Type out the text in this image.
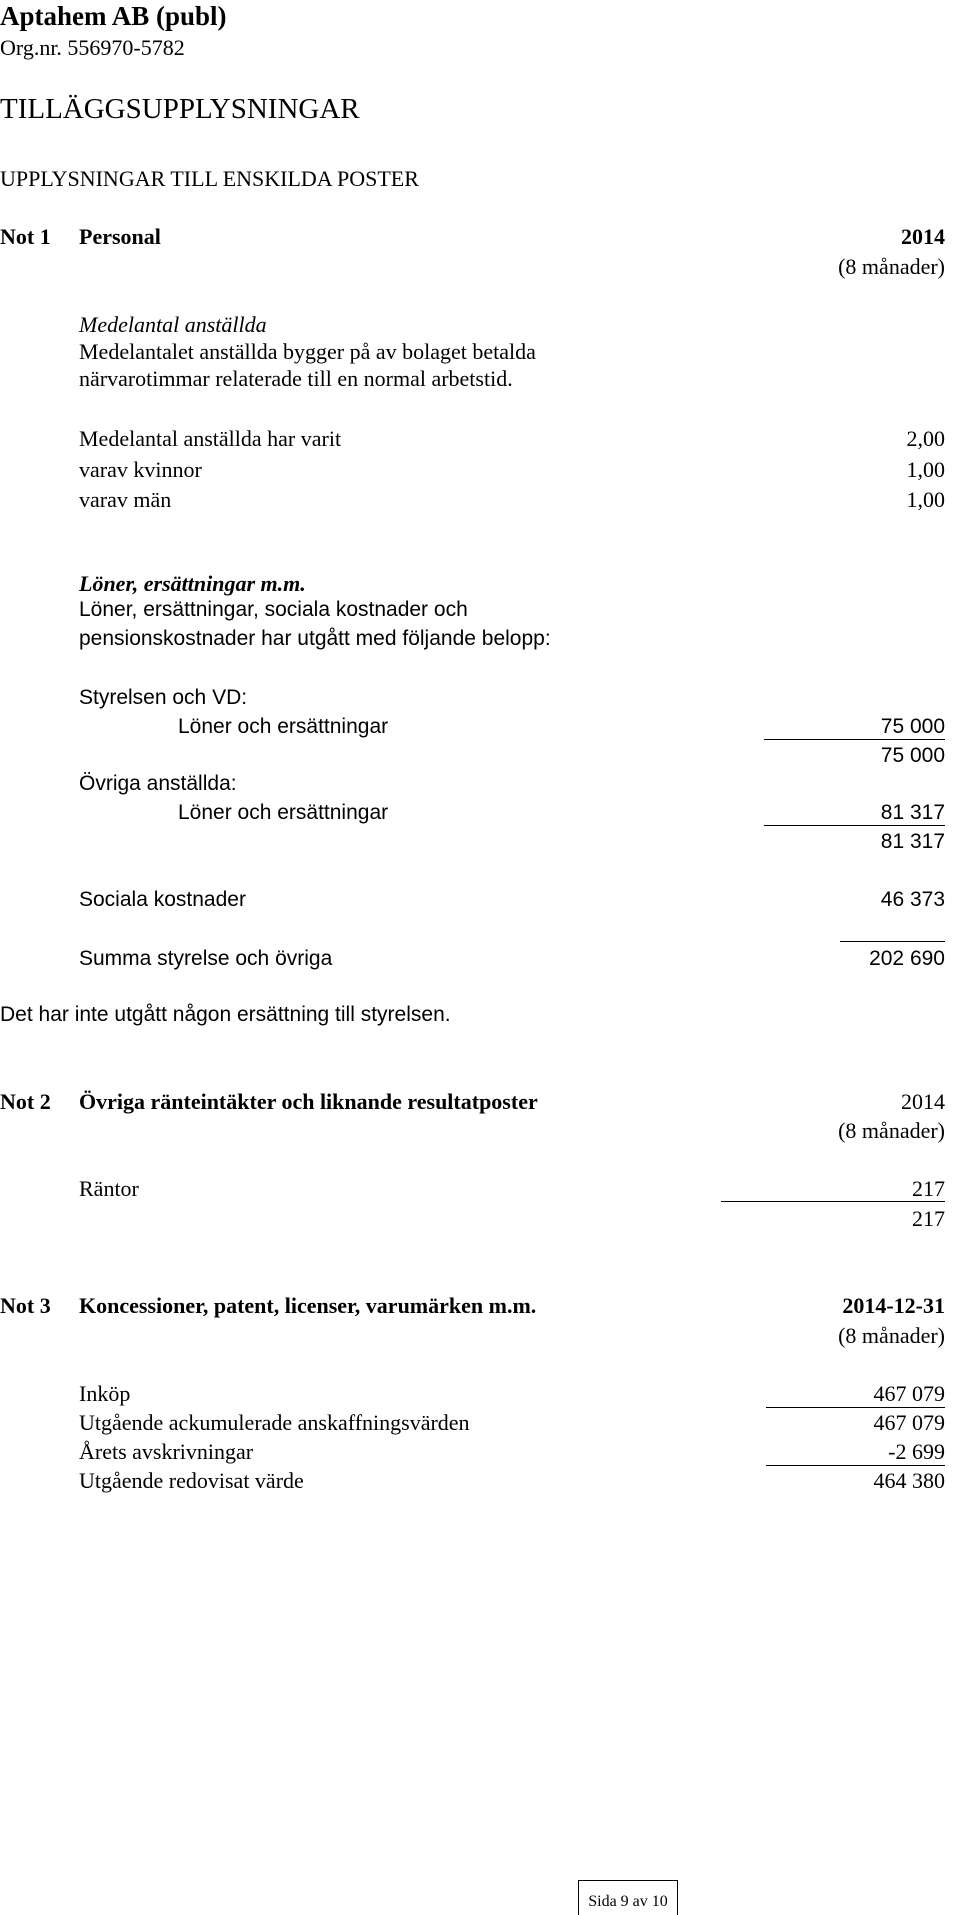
Aptahem AB (publ)
Org.nr. 556970-5782
TILLÄGGSUPPLYSNINGAR
UPPLYSNINGAR TILL ENSKILDA POSTER
Not 1 Personal	2014
(8 månader)
Medelantal anställda
Medelantalet anställda bygger på av bolaget betalda
närvarotimmar relaterade till en normal arbetstid.
Medelantal anställda har varit	2,00
varav kvinnor	1,00
varav män	1,00
Löner, ersättningar m.m.
Löner, ersättningar, sociala kostnader och
pensionskostnader har utgått med följande belopp:
Styrelsen och VD:
Löner och ersättningar	75 000
75 000
Övriga anställda:
Löner och ersättningar	81 317
81 317
Sociala kostnader	46 373
Summa styrelse och övriga	202 690
Det har inte utgått någon ersättning till styrelsen.
Not 2 Övriga ränteintäkter och liknande resultatposter	2014
(8 månader)
Räntor	217
217
Not 3 Koncessioner, patent, licenser, varumärken m.m.	2014-12-31
(8 månader)
Inköp	467 079
Utgående ackumulerade anskaffningsvärden	467 079
Årets avskrivningar	-2 699
Utgående redovisat värde	464 380
Sida 9 av 10
